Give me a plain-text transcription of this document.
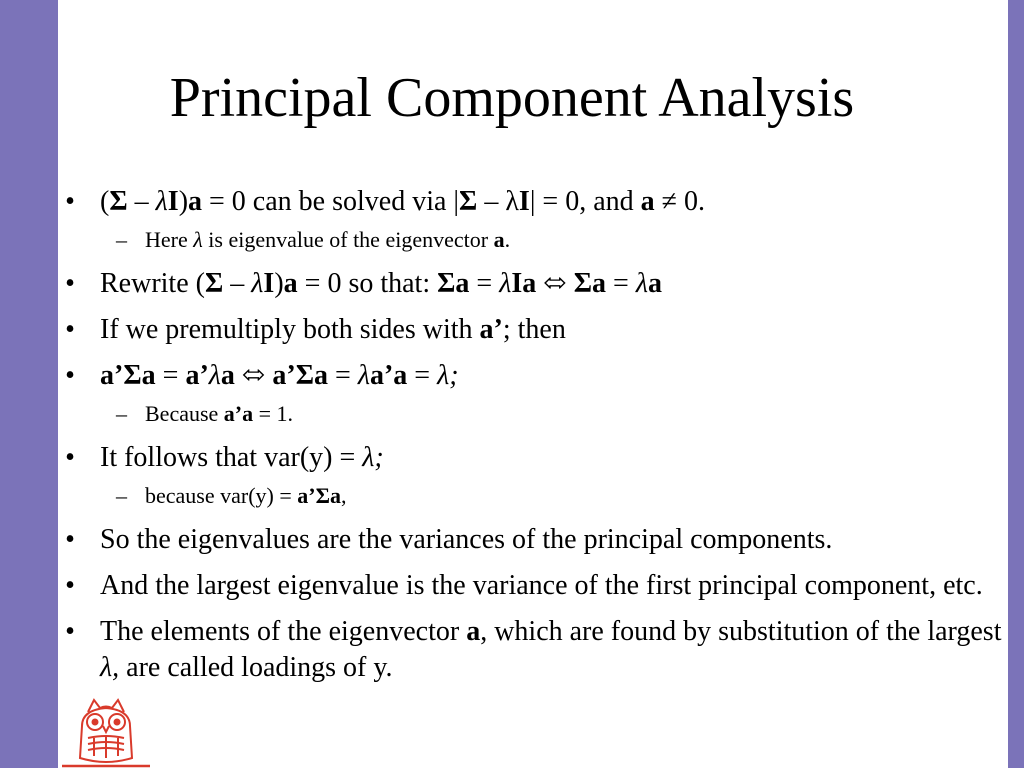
Principal Component Analysis
• (Σ – λI)a = 0 can be solved via |Σ – λI| = 0, and a ≠ 0.
– Here λ is eigenvalue of the eigenvector a.
• Rewrite (Σ – λI)a = 0 so that: Σa = λIa ⬄ Σa = λa
• If we premultiply both sides with a’; then
• a’Σa = a’λa ⬄ a’Σa = λa’a = λ;
– Because a’a = 1.
• It follows that var(y) = λ;
– because var(y) = a’Σa,
• So the eigenvalues are the variances of the principal components.
• And the largest eigenvalue is the variance of the first principal component, etc.
• The elements of the eigenvector a, which are found by substitution of the largest λ, are called loadings of y.
